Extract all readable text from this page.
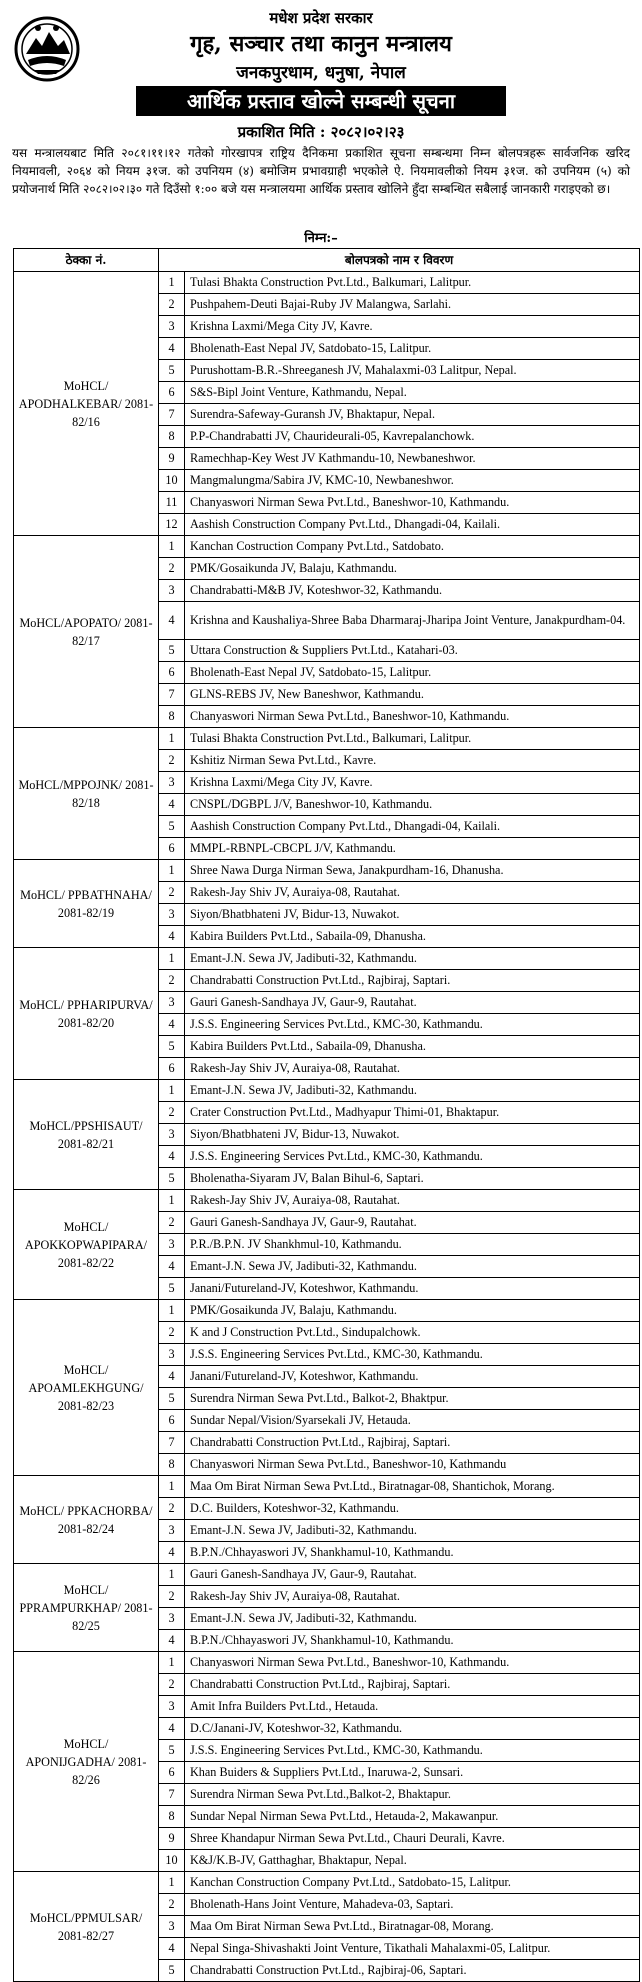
मधेश प्रदेश सरकार
गृह, सञ्चार तथा कानुन मन्त्रालय
जनकपुरधाम, धनुषा, नेपाल
आर्थिक प्रस्ताव खोल्ने सम्बन्धी सूचना
प्रकाशित मिति : २०८२।०२।२३
यस मन्त्रालयबाट मिति २०८१।११।१२ गतेको गोरखापत्र राष्ट्रिय दैनिकमा प्रकाशित सूचना सम्बन्धमा निम्न बोलपत्रहरू सार्वजनिक खरिद नियमावली, २०६४ को नियम ३१ज. को उपनियम (४) बमोजिम प्रभावग्राही भएकोले ऐ. नियमावलीको नियम ३१ज. को उपनियम (५) को प्रयोजनार्थ मिति २०८२।०२।३० गते दिउँसो १:०० बजे यस मन्त्रालयमा आर्थिक प्रस्ताव खोलिने हुँदा सम्बन्धित सबैलाई जानकारी गराइएको छ।
निम्न:–
ठेक्का नं.	बोलपत्रको नाम र विवरण	
MoHCL/ APODHALKEBAR/ 2081-82/16	1	Tulasi Bhakta Construction Pvt.Ltd., Balkumari, Lalitpur.
	2	Pushpahem-Deuti Bajai-Ruby JV Malangwa, Sarlahi.
	3	Krishna Laxmi/Mega City JV, Kavre.
	4	Bholenath-East Nepal JV, Satdobato-15, Lalitpur.
	5	Purushottam-B.R.-Shreeganesh JV, Mahalaxmi-03 Lalitpur, Nepal.
	6	S&S-Bipl Joint Venture, Kathmandu, Nepal.
	7	Surendra-Safeway-Guransh JV, Bhaktapur, Nepal.
	8	P.P-Chandrabatti JV, Chaurideurali-05, Kavrepalanchowk.
	9	Ramechhap-Key West JV Kathmandu-10, Newbaneshwor.
	10	Mangmalungma/Sabira JV, KMC-10, Newbaneshwor.
	11	Chanyaswori Nirman Sewa Pvt.Ltd., Baneshwor-10, Kathmandu.
	12	Aashish Construction Company Pvt.Ltd., Dhangadi-04, Kailali.
MoHCL/APOPATO/ 2081-82/17	1	Kanchan Costruction Company Pvt.Ltd., Satdobato.
	2	PMK/Gosaikunda JV, Balaju, Kathmandu.
	3	Chandrabatti-M&B JV, Koteshwor-32, Kathmandu.
	4	Krishna and Kaushaliya-Shree Baba Dharmaraj-Jharipa Joint Venture, Janakpurdham-04.
	5	Uttara Construction & Suppliers Pvt.Ltd., Katahari-03.
	6	Bholenath-East Nepal JV, Satdobato-15, Lalitpur.
	7	GLNS-REBS JV, New Baneshwor, Kathmandu.
	8	Chanyaswori Nirman Sewa Pvt.Ltd., Baneshwor-10, Kathmandu.
MoHCL/MPPOJNK/ 2081-82/18	1	Tulasi Bhakta Construction Pvt.Ltd., Balkumari, Lalitpur.
	2	Kshitiz Nirman Sewa Pvt.Ltd., Kavre.
	3	Krishna Laxmi/Mega City JV, Kavre.
	4	CNSPL/DGBPL J/V, Baneshwor-10, Kathmandu.
	5	Aashish Construction Company Pvt.Ltd., Dhangadi-04, Kailali.
	6	MMPL-RBNPL-CBCPL J/V, Kathmandu.
MoHCL/ PPBATHNAHA/ 2081-82/19	1	Shree Nawa Durga Nirman Sewa, Janakpurdham-16, Dhanusha.
	2	Rakesh-Jay Shiv JV, Auraiya-08, Rautahat.
	3	Siyon/Bhatbhateni JV, Bidur-13, Nuwakot.
	4	Kabira Builders Pvt.Ltd., Sabaila-09, Dhanusha.
MoHCL/ PPHARIPURVA/ 2081-82/20	1	Emant-J.N. Sewa JV, Jadibuti-32, Kathmandu.
	2	Chandrabatti Construction Pvt.Ltd., Rajbiraj, Saptari.
	3	Gauri Ganesh-Sandhaya JV, Gaur-9, Rautahat.
	4	J.S.S. Engineering Services Pvt.Ltd., KMC-30, Kathmandu.
	5	Kabira Builders Pvt.Ltd., Sabaila-09, Dhanusha.
	6	Rakesh-Jay Shiv JV, Auraiya-08, Rautahat.
MoHCL/PPSHISAUT/ 2081-82/21	1	Emant-J.N. Sewa JV, Jadibuti-32, Kathmandu.
	2	Crater Construction Pvt.Ltd., Madhyapur Thimi-01, Bhaktapur.
	3	Siyon/Bhatbhateni JV, Bidur-13, Nuwakot.
	4	J.S.S. Engineering Services Pvt.Ltd., KMC-30, Kathmandu.
	5	Bholenatha-Siyaram JV, Balan Bihul-6, Saptari.
MoHCL/ APOKKOPWAPIPARA/ 2081-82/22	1	Rakesh-Jay Shiv JV, Auraiya-08, Rautahat.
	2	Gauri Ganesh-Sandhaya JV, Gaur-9, Rautahat.
	3	P.R./B.P.N. JV Shankhmul-10, Kathmandu.
	4	Emant-J.N. Sewa JV, Jadibuti-32, Kathmandu.
	5	Janani/Futureland-JV, Koteshwor, Kathmandu.
MoHCL/ APOAMLEKHGUNG/ 2081-82/23	1	PMK/Gosaikunda JV, Balaju, Kathmandu.
	2	K and J Construction Pvt.Ltd., Sindupalchowk.
	3	J.S.S. Engineering Services Pvt.Ltd., KMC-30, Kathmandu.
	4	Janani/Futureland-JV, Koteshwor, Kathmandu.
	5	Surendra Nirman Sewa Pvt.Ltd., Balkot-2, Bhaktpur.
	6	Sundar Nepal/Vision/Syarsekali JV, Hetauda.
	7	Chandrabatti Construction Pvt.Ltd., Rajbiraj, Saptari.
	8	Chanyaswori Nirman Sewa Pvt.Ltd., Baneshwor-10, Kathmandu
MoHCL/ PPKACHORBA/ 2081-82/24	1	Maa Om Birat Nirman Sewa Pvt.Ltd., Biratnagar-08, Shantichok, Morang.
	2	D.C. Builders, Koteshwor-32, Kathmandu.
	3	Emant-J.N. Sewa JV, Jadibuti-32, Kathmandu.
	4	B.P.N./Chhayaswori JV, Shankhamul-10, Kathmandu.
MoHCL/ PPRAMPURKHAP/ 2081-82/25	1	Gauri Ganesh-Sandhaya JV, Gaur-9, Rautahat.
	2	Rakesh-Jay Shiv JV, Auraiya-08, Rautahat.
	3	Emant-J.N. Sewa JV, Jadibuti-32, Kathmandu.
	4	B.P.N./Chhayaswori JV, Shankhamul-10, Kathmandu.
MoHCL/ APONIJGADHA/ 2081-82/26	1	Chanyaswori Nirman Sewa Pvt.Ltd., Baneshwor-10, Kathmandu.
	2	Chandrabatti Construction Pvt.Ltd., Rajbiraj, Saptari.
	3	Amit Infra Builders Pvt.Ltd., Hetauda.
	4	D.C/Janani-JV, Koteshwor-32, Kathmandu.
	5	J.S.S. Engineering Services Pvt.Ltd., KMC-30, Kathmandu.
	6	Khan Buiders & Suppliers Pvt.Ltd., Inaruwa-2, Sunsari.
	7	Surendra Nirman Sewa Pvt.Ltd.,Balkot-2, Bhaktapur.
	8	Sundar Nepal Nirman Sewa Pvt.Ltd., Hetauda-2, Makawanpur.
	9	Shree Khandapur Nirman Sewa Pvt.Ltd., Chauri Deurali, Kavre.
	10	K&J/K.B-JV, Gatthaghar, Bhaktapur, Nepal.
MoHCL/PPMULSAR/ 2081-82/27	1	Kanchan Construction Company Pvt.Ltd., Satdobato-15, Lalitpur.
	2	Bholenath-Hans Joint Venture, Mahadeva-03, Saptari.
	3	Maa Om Birat Nirman Sewa Pvt.Ltd., Biratnagar-08, Morang.
	4	Nepal Singa-Shivashakti Joint Venture, Tikathali Mahalaxmi-05, Lalitpur.
	5	Chandrabatti Construction Pvt.Ltd., Rajbiraj-06, Saptari.
